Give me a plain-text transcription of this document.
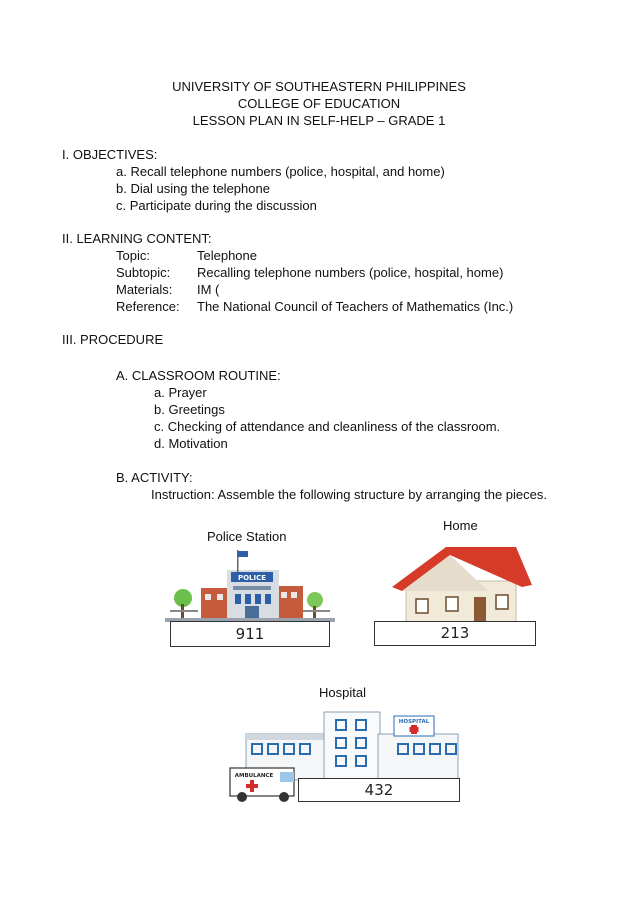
UNIVERSITY OF SOUTHEASTERN PHILIPPINES
COLLEGE OF EDUCATION
LESSON PLAN IN SELF-HELP – GRADE 1
I. OBJECTIVES:
a. Recall telephone numbers (police, hospital, and home)
b. Dial using the telephone
c. Participate during the discussion
II. LEARNING CONTENT:
Topic:	Telephone
Subtopic: Recalling telephone numbers (police, hospital, home)
Materials: IM (
Reference: The National Council of Teachers of Mathematics (Inc.)
III. PROCEDURE
A. CLASSROOM ROUTINE:
a. Prayer
b. Greetings
c. Checking of attendance and cleanliness of the classroom.
d. Motivation
B. ACTIVITY:
Instruction: Assemble the following structure by arranging the pieces.
Police Station
Home
Hospital
POLICE
911	213
HOSPITAL
AMBULANCE
432
